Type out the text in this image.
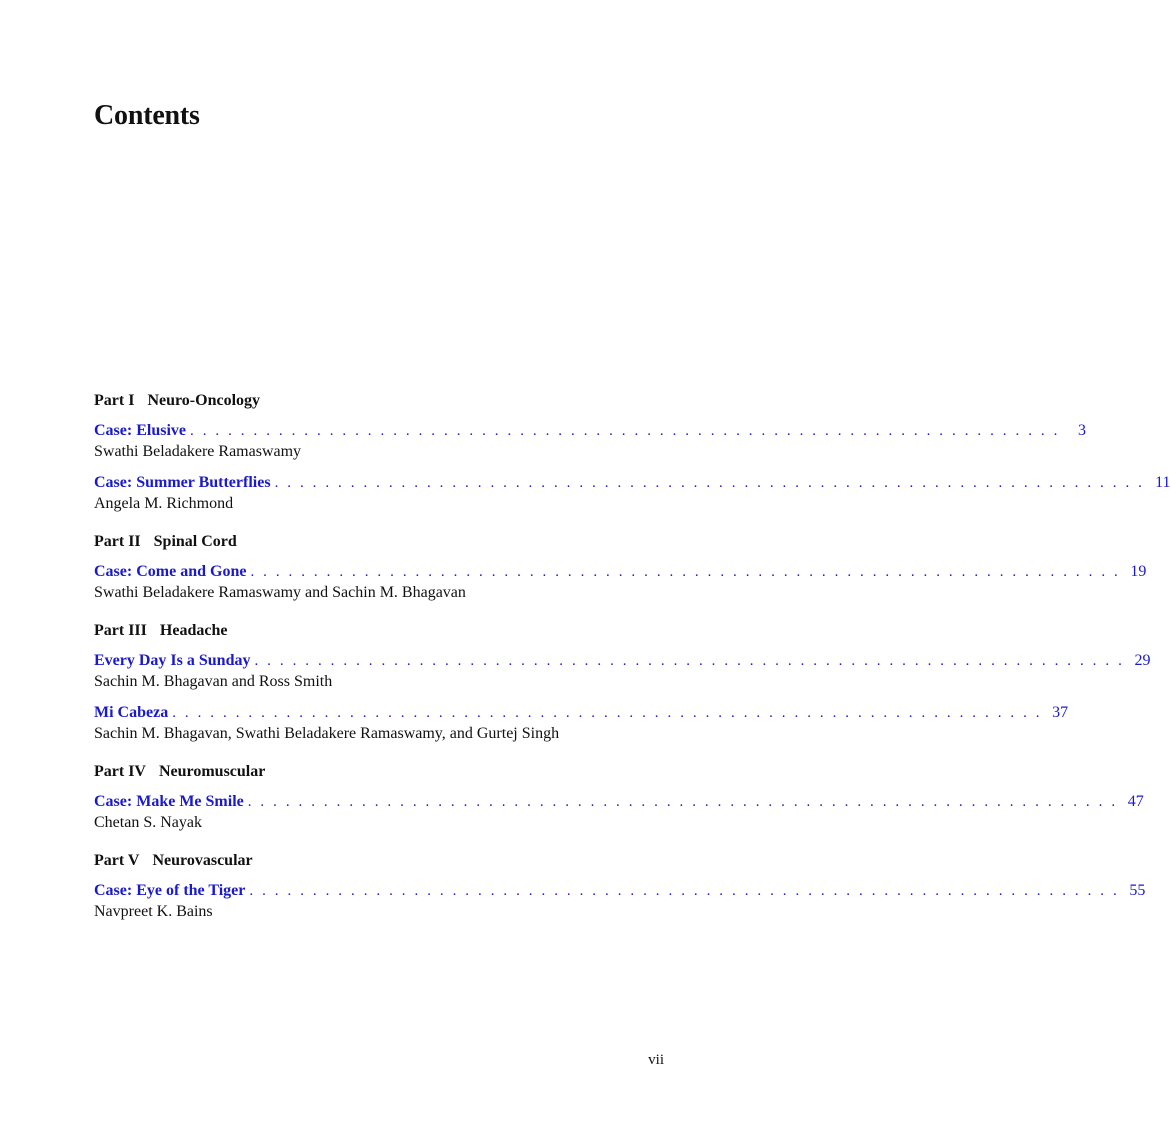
Contents
Part I Neuro-Oncology
Case: Elusive . . . . . . . . . . . . . . . . . . . . . . . . . . . . . . . . . . . . . . . . . . . . . . . . . . . . . . . . . . . . . . . . . . . . .	3
Swathi Beladakere Ramaswamy
Case: Summer Butterflies . . . . . . . . . . . . . . . . . . . . . . . . . . . . . . . . . . . . . . . . . . . . . . . . . . . . . . . . . . . . . . . . . . . . . 11
Angela M. Richmond
Part II Spinal Cord
Case: Come and Gone . . . . . . . . . . . . . . . . . . . . . . . . . . . . . . . . . . . . . . . . . . . . . . . . . . . . . . . . . . . . . . . . . . . . . 19
Swathi Beladakere Ramaswamy and Sachin M. Bhagavan
Part III Headache
Every Day Is a Sunday . . . . . . . . . . . . . . . . . . . . . . . . . . . . . . . . . . . . . . . . . . . . . . . . . . . . . . . . . . . . . . . . . . . . . 29
Sachin M. Bhagavan and Ross Smith
Mi Cabeza . . . . . . . . . . . . . . . . . . . . . . . . . . . . . . . . . . . . . . . . . . . . . . . . . . . . . . . . . . . . . . . . . . . . . 37
Sachin M. Bhagavan, Swathi Beladakere Ramaswamy, and Gurtej Singh
Part IV Neuromuscular
Case: Make Me Smile . . . . . . . . . . . . . . . . . . . . . . . . . . . . . . . . . . . . . . . . . . . . . . . . . . . . . . . . . . . . . . . . . . . . . 47
Chetan S. Nayak
Part V Neurovascular
Case: Eye of the Tiger . . . . . . . . . . . . . . . . . . . . . . . . . . . . . . . . . . . . . . . . . . . . . . . . . . . . . . . . . . . . . . . . . . . . . 55
Navpreet K. Bains
vii
